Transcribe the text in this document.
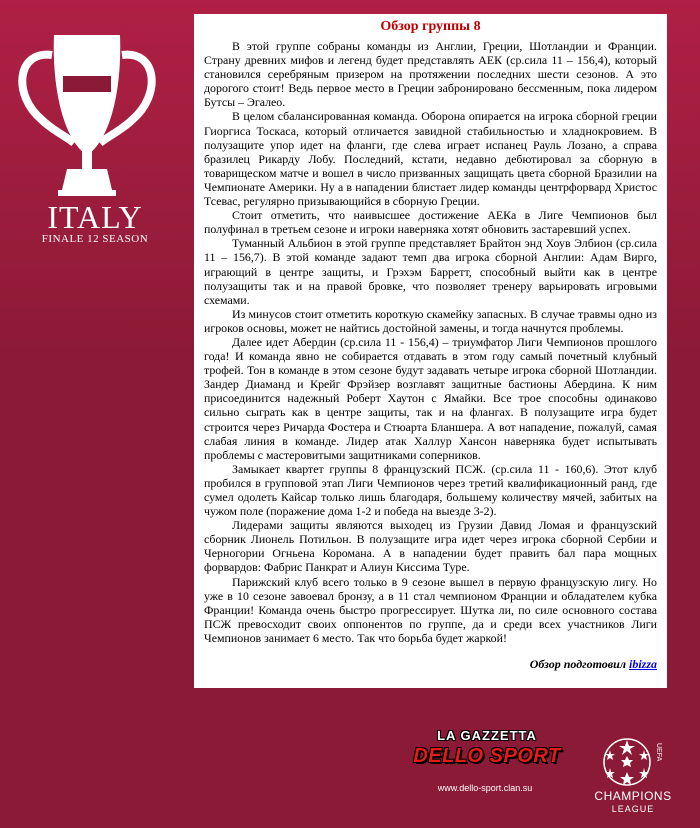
MMIX
ITALY
FINALE 12 SEASON
Обзор группы 8

В этой группе собраны команды из Англии, Греции, Шотландии и Франции. Страну древних мифов и легенд будет представлять АЕК (ср.сила 11 – 156,4), который становился серебряным призером на протяжении последних шести сезонов. А это дорогого стоит! Ведь первое место в Греции забронировано бессменным, пока лидером Бутсы – Эгалео.

В целом сбалансированная команда. Оборона опирается на игрока сборной греции Гиоргиса Тоскаса, который отличается завидной стабильностью и хладнокровием. В полузащите упор идет на фланги, где слева играет испанец Рауль Лозано, а справа бразилец Рикарду Лобу. Последний, кстати, недавно дебютировал за сборную в товарищеском матче и вошел в число призванных защищать цвета сборной Бразилии на Чемпионате Америки. Ну а в нападении блистает лидер команды центрфорвард Христос Тсевас, регулярно призывающийся в сборную Греции.

Стоит отметить, что наивысшее достижение АЕКа в Лиге Чемпионов был полуфинал в третьем сезоне и игроки наверняка хотят обновить застаревший успех.

Туманный Альбион в этой группе представляет Брайтон энд Хоув Элбион (ср.сила 11 – 156,7). В этой команде задают темп два игрока сборной Англии: Адам Вирго, играющий в центре защиты, и Грэхэм Барретт, способный выйти как в центре полузащиты так и на правой бровке, что позволяет тренеру варьировать игровыми схемами.

Из минусов стоит отметить короткую скамейку запасных. В случае травмы одно из игроков основы, может не найтись достойной замены, и тогда начнутся проблемы.

Далее идет Абердин (ср.сила 11 - 156,4) – триумфатор Лиги Чемпионов прошлого года! И команда явно не собирается отдавать в этом году самый почетный клубный трофей. Тон в команде в этом сезоне будут задавать четыре игрока сборной Шотландии. Зандер Диаманд и Крейг Фрэйзер возглавят защитные бастионы Абердина. К ним присоединится надежный Роберт Хаутон с Ямайки. Все трое способны одинаково сильно сыграть как в центре защиты, так и на флангах. В полузащите игра будет строится через Ричарда Фостера и Стюарта Бланшера. А вот нападение, пожалуй, самая слабая линия в команде. Лидер атак Халлур Хансон наверняка будет испытывать проблемы с мастеровитыми защитниками соперников.

Замыкает квартет группы 8 французский ПСЖ. (ср.сила 11 - 160,6). Этот клуб пробился в групповой этап Лиги Чемпионов через третий квалификационный ранд, где сумел одолеть Кайсар только лишь благодаря, большему количеству мячей, забитых на чужом поле (поражение дома 1-2 и победа на выезде 3-2).

Лидерами защиты являются выходец из Грузии Давид Ломая и французский сборник Лионель Потильон. В полузащите игра идет через игрока сборной Сербии и Черногории Огньена Коромана. А в нападении будет править бал пара мощных форвардов: Фабрис Панкрат и Алиун Киссима Туре.

Парижский клуб всего только в 9 сезоне вышел в первую французскую лигу. Но уже в 10 сезоне завоевал бронзу, а в 11 стал чемпионом Франции и обладателем кубка Франции! Команда очень быстро прогрессирует. Шутка ли, по силе основного состава ПСЖ превосходит своих оппонентов по группе, да и среди всех участников Лиги Чемпионов занимает 6 место. Так что борьба будет жаркой!

Обзор подготовил ibizza
LA GAZZETTA
DELLO SPORT
www.dello-sport.clan.su
UEFA
CHAMPIONS
LEAGUE
